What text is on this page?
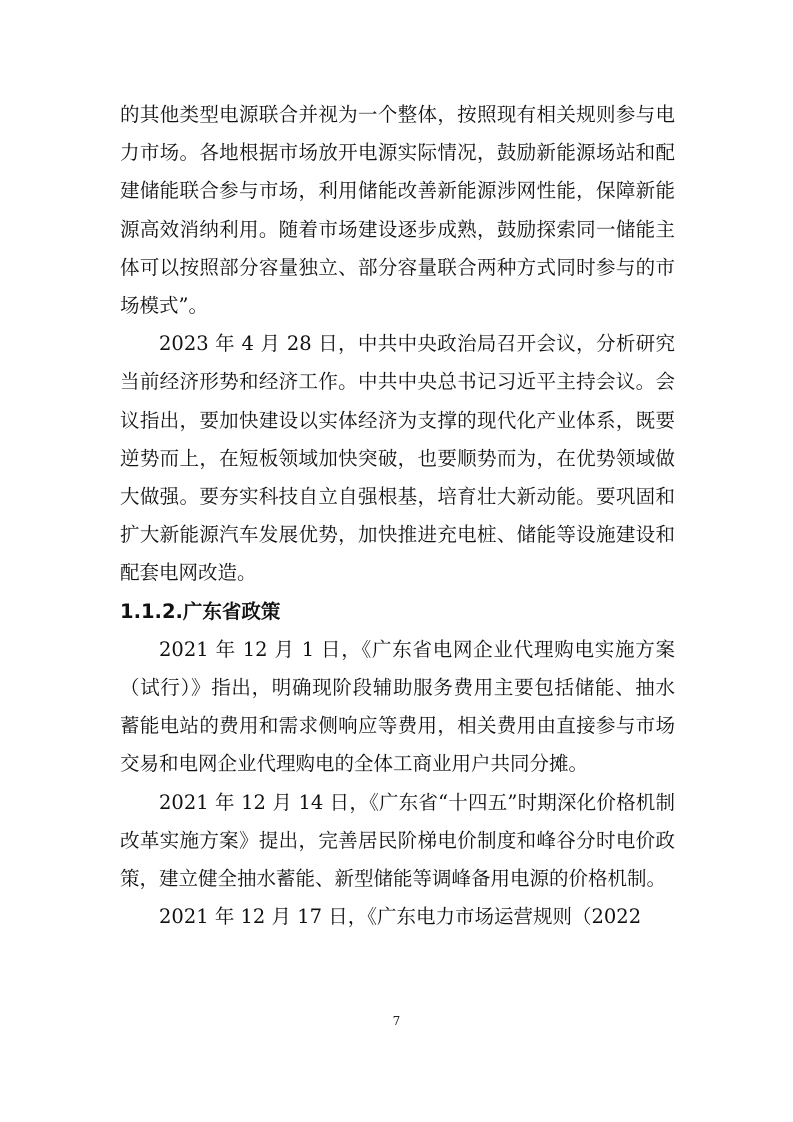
的其他类型电源联合并视为一个整体，按照现有相关规则参与电力市场。各地根据市场放开电源实际情况，鼓励新能源场站和配建储能联合参与市场，利用储能改善新能源涉网性能，保障新能源高效消纳利用。随着市场建设逐步成熟，鼓励探索同一储能主体可以按照部分容量独立、部分容量联合两种方式同时参与的市场模式”。

2023 年 4 月 28 日，中共中央政治局召开会议，分析研究当前经济形势和经济工作。中共中央总书记习近平主持会议。会议指出，要加快建设以实体经济为支撑的现代化产业体系，既要逆势而上，在短板领域加快突破，也要顺势而为，在优势领域做大做强。要夯实科技自立自强根基，培育壮大新动能。要巩固和扩大新能源汽车发展优势，加快推进充电桩、储能等设施建设和配套电网改造。

1.1.2.广东省政策

2021 年 12 月 1 日，《广东省电网企业代理购电实施方案（试行）》指出，明确现阶段辅助服务费用主要包括储能、抽水蓄能电站的费用和需求侧响应等费用，相关费用由直接参与市场交易和电网企业代理购电的全体工商业用户共同分摊。

2021 年 12 月 14 日，《广东省“十四五”时期深化价格机制改革实施方案》提出，完善居民阶梯电价制度和峰谷分时电价政策，建立健全抽水蓄能、新型储能等调峰备用电源的价格机制。

2021 年 12 月 17 日，《广东电力市场运营规则（2022

7
